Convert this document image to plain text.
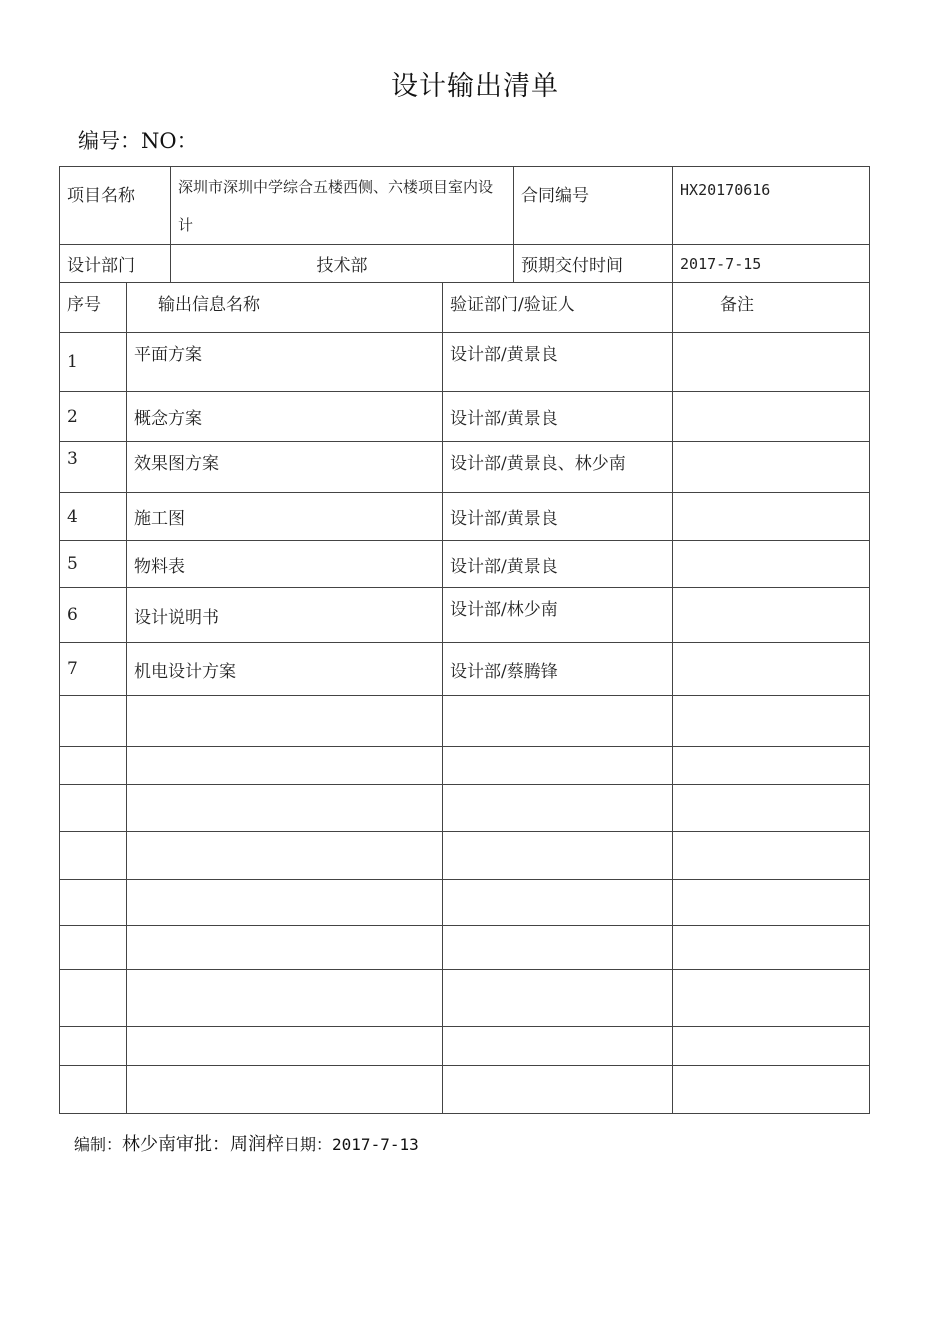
设计输出清单
编号：NO：
项目名称		深圳市深圳中学综合五楼西侧、六楼项目室内设计		合同编号	HX20170616
设计部门		技术部		预期交付时间	2017-7-15
序号	输出信息名称		验证部门/验证人		备注
1	平面方案		设计部/黄景良		
2	概念方案		设计部/黄景良		
3	效果图方案		设计部/黄景良、林少南		
4	施工图		设计部/黄景良		
5	物料表		设计部/黄景良		
6	设计说明书		设计部/林少南		
7	机电设计方案		设计部/蔡腾锋		

编制：林少南审批：周润梓日期：2017-7-13
